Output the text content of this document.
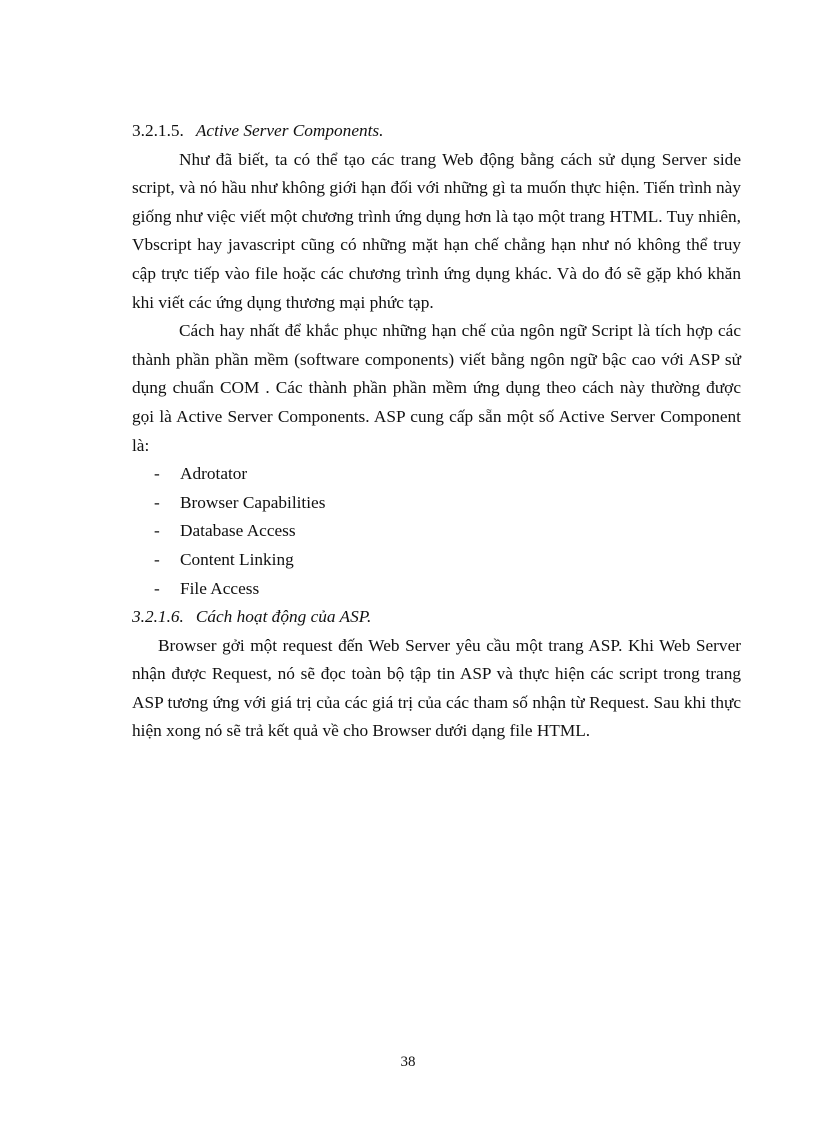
3.2.1.5. Active Server Components.

Như đã biết, ta có thể tạo các trang Web động bằng cách sử dụng Server side script, và nó hầu như không giới hạn đối với những gì ta muốn thực hiện. Tiến trình này giống như việc viết một chương trình ứng dụng hơn là tạo một trang HTML. Tuy nhiên, Vbscript hay javascript cũng có những mặt hạn chế chẳng hạn như nó không thể truy cập trực tiếp vào file hoặc các chương trình ứng dụng khác. Và do đó sẽ gặp khó khăn khi viết các ứng dụng thương mại phức tạp.

Cách hay nhất để khắc phục những hạn chế của ngôn ngữ Script là tích hợp các thành phần phần mềm (software components) viết bằng ngôn ngữ bậc cao với ASP sử dụng chuẩn COM . Các thành phần phần mềm ứng dụng theo cách này thường được gọi là Active Server Components. ASP cung cấp sẵn một số Active Server Component là:

- Adrotator
- Browser Capabilities
- Database Access
- Content Linking
- File Access
3.2.1.6. Cách hoạt động của ASP.

Browser gởi một request đến Web Server yêu cầu một trang ASP. Khi Web Server nhận được Request, nó sẽ đọc toàn bộ tập tin ASP và thực hiện các script trong trang ASP tương ứng với giá trị của các giá trị của các tham số nhận từ Request. Sau khi thực hiện xong nó sẽ trả kết quả về cho Browser dưới dạng file HTML.

38
